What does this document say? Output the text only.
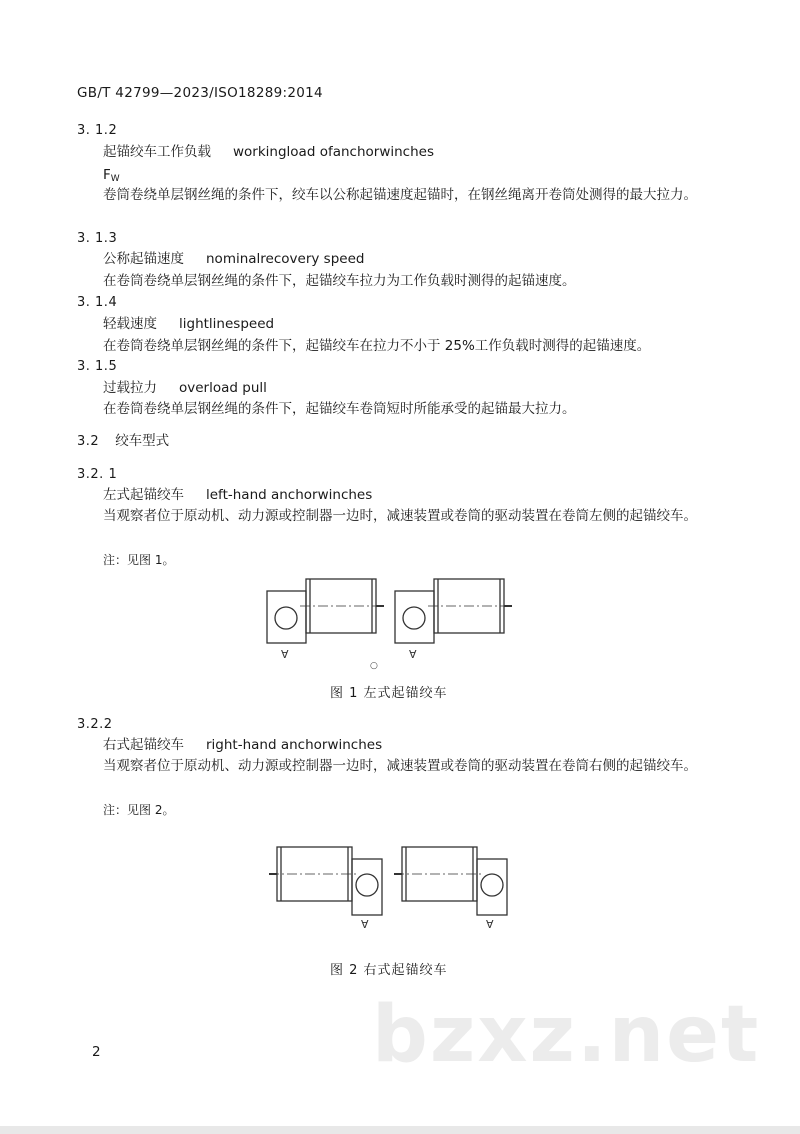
GB/T 42799—2023/ISO18289:2014
3. 1.2
起锚绞车工作负载 workingload ofanchorwinches
$F_W$
卷筒卷绕单层钢丝绳的条件下，绞车以公称起锚速度起锚时，在钢丝绳离开卷筒处测得的最大拉力。
3. 1.3
公称起锚速度 nominalrecovery speed
在卷筒卷绕单层钢丝绳的条件下，起锚绞车拉力为工作负载时测得的起锚速度。
3. 1.4
轻载速度 lightlinespeed
在卷筒卷绕单层钢丝绳的条件下，起锚绞车在拉力不小于 25%工作负载时测得的起锚速度。
3. 1.5
过载拉力 overload pull
在卷筒卷绕单层钢丝绳的条件下，起锚绞车卷筒短时所能承受的起锚最大拉力。
3.2 绞车型式
3.2. 1
左式起锚绞车 left-hand anchorwinches
当观察者位于原动机、动力源或控制器一边时，减速装置或卷筒的驱动装置在卷筒左侧的起锚绞车。
注：见图 1。
∀	∀
○
图 1 左式起锚绞车
3.2.2
右式起锚绞车 right-hand anchorwinches
当观察者位于原动机、动力源或控制器一边时，减速装置或卷筒的驱动装置在卷筒右侧的起锚绞车。
注：见图 2。
∀	∀
图 2 右式起锚绞车
bzxz.net
2
